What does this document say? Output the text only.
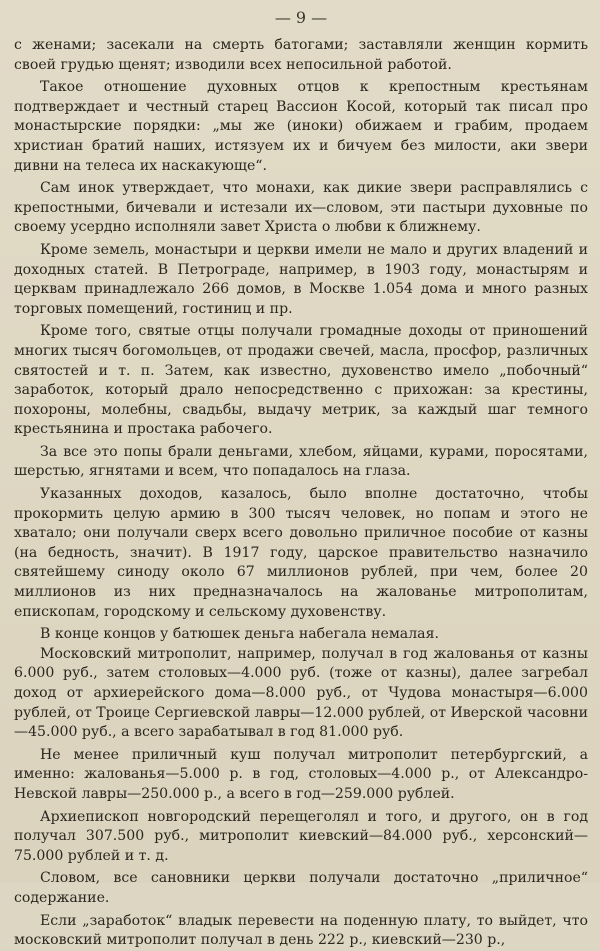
— 9 —

с женами; засекали на смерть батогами; заставляли женщин кормить своей грудью щенят; изводили всех непосильной работой.

Такое отношение духовных отцов к крепостным крестьянам подтверждает и честный старец Вассион Косой, который так писал про монастырские порядки: „мы же (иноки) обижаем и грабим, продаем христиан братий наших, истязуем их и бичуем без милости, аки звери дивни на телеса их наскакующе“.

Сам инок утверждает, что монахи, как дикие звери расправлялись с крепостными, бичевали и истезали их—словом, эти пастыри духовные по своему усердно исполняли завет Христа о любви к ближнему.

Кроме земель, монастыри и церкви имели не мало и других владений и доходных статей. В Петрограде, например, в 1903 году, монастырям и церквам принадлежало 266 домов, в Москве 1.054 дома и много разных торговых помещений, гостиниц и пр.

Кроме того, святые отцы получали громадные доходы от приношений многих тысяч богомольцев, от продажи свечей, масла, просфор, различных святостей и т. п. Затем, как известно, духовенство имело „побочный“ заработок, который драло непосредственно с прихожан: за крестины, похороны, молебны, свадьбы, выдачу метрик, за каждый шаг темного крестьянина и простака рабочего.

За все это попы брали деньгами, хлебом, яйцами, курами, поросятами, шерстью, ягнятами и всем, что попадалось на глаза.

Указанных доходов, казалось, было вполне достаточно, чтобы прокормить целую армию в 300 тысяч человек, но попам и этого не хватало; они получали сверх всего довольно приличное пособие от казны (на бедность, значит). В 1917 году, царское правительство назначило святейшему синоду около 67 миллионов рублей, при чем, более 20 миллионов из них предназначалось на жалованье митрополитам, епископам, городскому и сельскому духовенству.

В конце концов у батюшек деньга набегала немалая.

Московский митрополит, например, получал в год жалованья от казны 6.000 руб., затем столовых—4.000 руб. (тоже от казны), далее загребал доход от архиерейского дома—8.000 руб., от Чудова монастыря—6.000 рублей, от Троице Сергиевской лавры—12.000 рублей, от Иверской часовни—45.000 руб., а всего зарабатывал в год 81.000 руб.

Не менее приличный куш получал митрополит петербургский, а именно: жалованья—5.000 р. в год, столовых—4.000 р., от Александро-Невской лавры—250.000 р., а всего в год—259.000 рублей.

Архиепископ новгородский перещеголял и того, и другого, он в год получал 307.500 руб., митрополит киевский—84.000 руб., херсонский—75.000 рублей и т. д.

Словом, все сановники церкви получали достаточно „приличное“ содержание.

Если „заработок“ владык перевести на поденную плату, то выйдет, что московский митрополит получал в день 222 р., киевский—230 р.,
